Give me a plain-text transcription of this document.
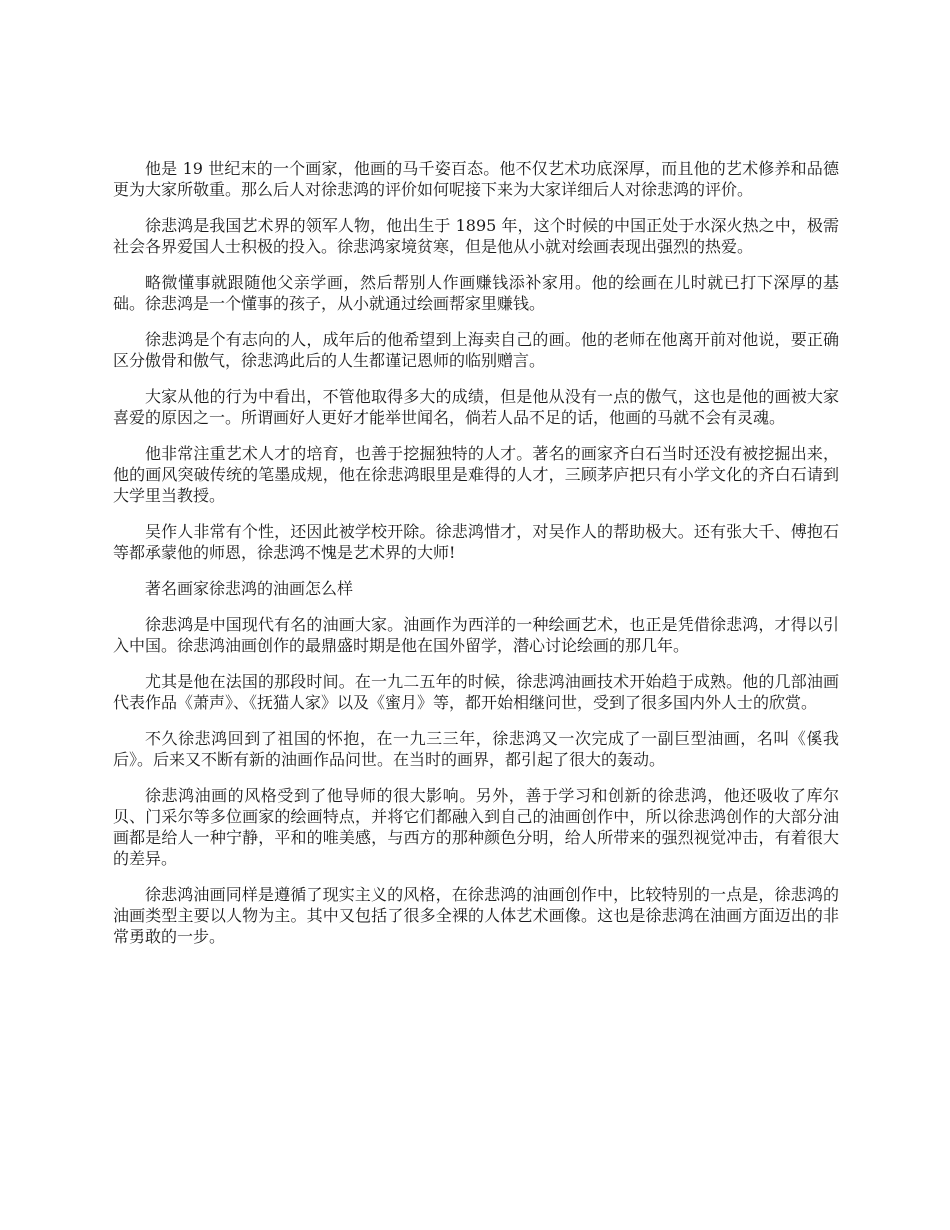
他是 19 世纪末的一个画家，他画的马千姿百态。他不仅艺术功底深厚，而且他的艺术修养和品德更为大家所敬重。那么后人对徐悲鸿的评价如何呢接下来为大家详细后人对徐悲鸿的评价。

徐悲鸿是我国艺术界的领军人物，他出生于 1895 年，这个时候的中国正处于水深火热之中，极需社会各界爱国人士积极的投入。徐悲鸿家境贫寒，但是他从小就对绘画表现出强烈的热爱。

略微懂事就跟随他父亲学画，然后帮别人作画赚钱添补家用。他的绘画在儿时就已打下深厚的基础。徐悲鸿是一个懂事的孩子，从小就通过绘画帮家里赚钱。

徐悲鸿是个有志向的人，成年后的他希望到上海卖自己的画。他的老师在他离开前对他说，要正确区分傲骨和傲气，徐悲鸿此后的人生都谨记恩师的临别赠言。

大家从他的行为中看出，不管他取得多大的成绩，但是他从没有一点的傲气，这也是他的画被大家喜爱的原因之一。所谓画好人更好才能举世闻名，倘若人品不足的话，他画的马就不会有灵魂。

他非常注重艺术人才的培育，也善于挖掘独特的人才。著名的画家齐白石当时还没有被挖掘出来，他的画风突破传统的笔墨成规，他在徐悲鸿眼里是难得的人才，三顾茅庐把只有小学文化的齐白石请到大学里当教授。

吴作人非常有个性，还因此被学校开除。徐悲鸿惜才，对吴作人的帮助极大。还有张大千、傅抱石等都承蒙他的师恩，徐悲鸿不愧是艺术界的大师!

著名画家徐悲鸿的油画怎么样

徐悲鸿是中国现代有名的油画大家。油画作为西洋的一种绘画艺术，也正是凭借徐悲鸿，才得以引入中国。徐悲鸿油画创作的最鼎盛时期是他在国外留学，潜心讨论绘画的那几年。

尤其是他在法国的那段时间。在一九二五年的时候，徐悲鸿油画技术开始趋于成熟。他的几部油画代表作品《萧声》、《抚猫人家》以及《蜜月》等，都开始相继问世，受到了很多国内外人士的欣赏。

不久徐悲鸿回到了祖国的怀抱，在一九三三年，徐悲鸿又一次完成了一副巨型油画，名叫《傒我后》。后来又不断有新的油画作品问世。在当时的画界，都引起了很大的轰动。

徐悲鸿油画的风格受到了他导师的很大影响。另外，善于学习和创新的徐悲鸿，他还吸收了库尔贝、门采尔等多位画家的绘画特点，并将它们都融入到自己的油画创作中，所以徐悲鸿创作的大部分油画都是给人一种宁静，平和的唯美感，与西方的那种颜色分明，给人所带来的强烈视觉冲击，有着很大的差异。

徐悲鸿油画同样是遵循了现实主义的风格，在徐悲鸿的油画创作中，比较特别的一点是，徐悲鸿的油画类型主要以人物为主。其中又包括了很多全裸的人体艺术画像。这也是徐悲鸿在油画方面迈出的非常勇敢的一步。
